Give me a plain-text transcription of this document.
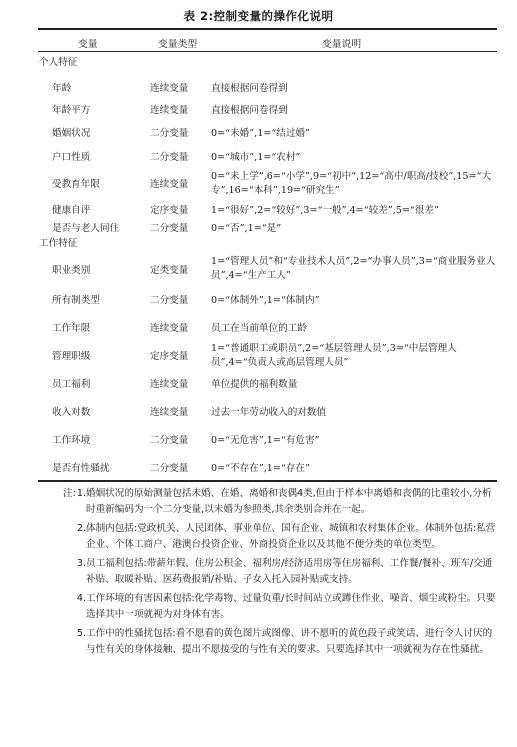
表 2:控制变量的操作化说明
变量	变量类型	变量说明
个人特征
年龄	连续变量 直接根据问卷得到
年龄平方	连续变量 直接根据问卷得到
婚姻状况	二分变量 0=“未婚”,1=“结过婚”
户口性质	二分变量 0=“城市”,1=“农村”
受教育年限	连续变量
0=“未上学”,6=“小学”,9=“初中”,12=“高中/职高/技校”,15=“大专”,16=“本科”,19=“研究生”
健康自评	定序变量 1=“很好”,2=“较好”,3=“一般”,4=“较差”,5=“很差”
是否与老人同住	二分变量 0=“否”,1=“是”
工作特征
职业类别	定类变量
1=“管理人员”和“专业技术人员”,2=“办事人员”,3=“商业服务业人员”,4=“生产工人”
所有制类型	二分变量 0=“体制外”,1=“体制内”
工作年限	连续变量 员工在当前单位的工龄
管理职级	定序变量
1=“普通职工或职员”,2=“基层管理人员”,3=“中层管理人员”,4=“负责人或高层管理人员”
员工福利	连续变量 单位提供的福利数量
收入对数	连续变量 过去一年劳动收入的对数值
工作环境	二分变量 0=“无危害”,1=“有危害”
是否有性骚扰	二分变量 0=“不存在”,1=“存在”
注:1. 婚姻状况的原始测量包括未婚、在婚、离婚和丧偶4类,但由于样本中离婚和丧偶的比重较小,分析时重新编码为一个二分变量,以未婚为参照类,其余类别合并在一起。
2. 体制内包括:党政机关、人民团体、事业单位、国有企业、城镇和农村集体企业。体制外包括:私营企业、个体工商户、港澳台投资企业、外商投资企业以及其他不便分类的单位类型。
3. 员工福利包括:带薪年假、住房公积金、福利房/经济适用房等住房福利、工作餐/餐补、班车/交通补贴、取暖补贴、医药费报销/补贴、子女入托入园补贴或支持。
4. 工作环境的有害因素包括:化学毒物、过量负重/长时间站立或蹲住作业、噪音、烟尘或粉尘。只要选择其中一项就视为对身体有害。
5. 工作中的性骚扰包括:看不愿看的黄色图片或图像、讲不愿听的黄色段子或笑话、进行令人讨厌的与性有关的身体接触、提出不愿接受的与性有关的要求。只要选择其中一项就视为存在性骚扰。
